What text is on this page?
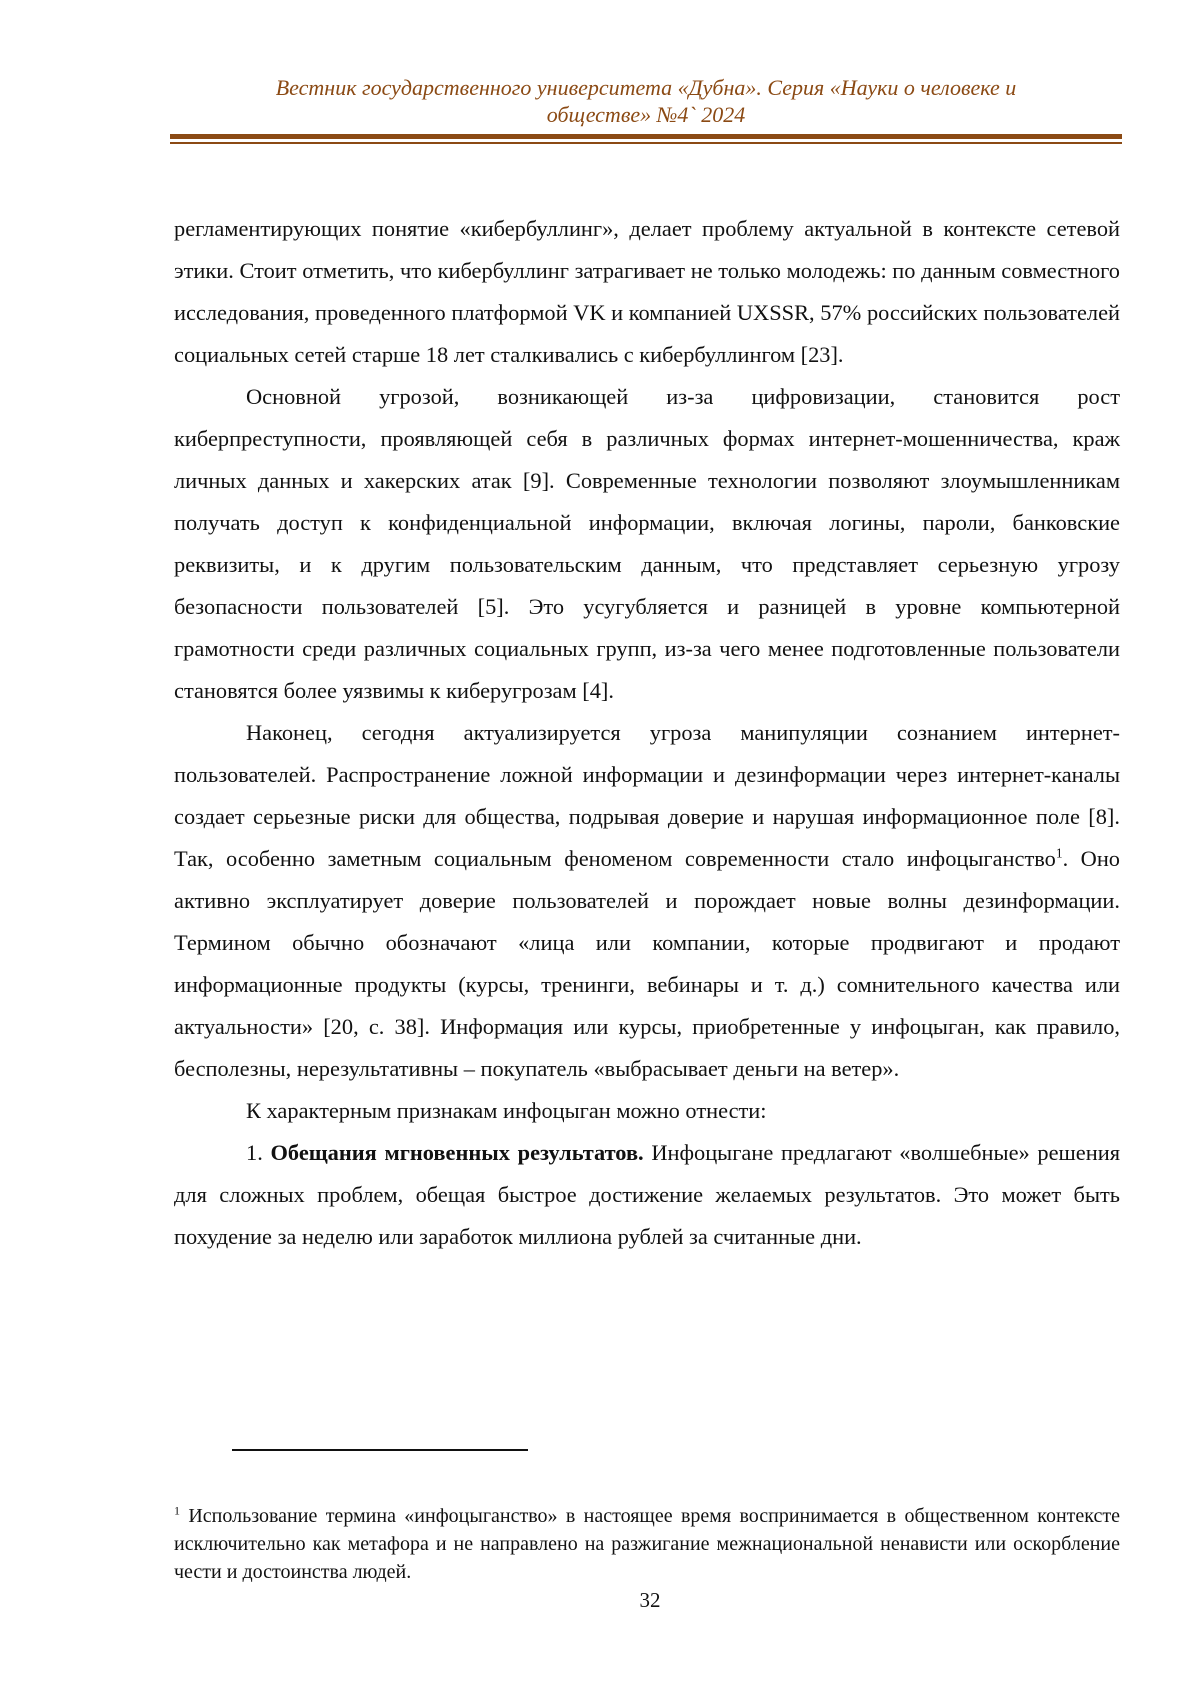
Вестник государственного университета «Дубна». Серия «Науки о человеке и
обществе» №4` 2024

регламентирующих понятие «кибербуллинг», делает проблему актуальной в контексте сетевой этики. Стоит отметить, что кибербуллинг затрагивает не только молодежь: по данным совместного исследования, проведенного платформой VK и компанией UXSSR, 57% российских пользователей социальных сетей старше 18 лет сталкивались с кибербуллингом [23].

Основной угрозой, возникающей из-за цифровизации, становится рост киберпреступности, проявляющей себя в различных формах интернет-мошенничества, краж личных данных и хакерских атак [9]. Современные технологии позволяют злоумышленникам получать доступ к конфиденциальной информации, включая логины, пароли, банковские реквизиты, и к другим пользовательским данным, что представляет серьезную угрозу безопасности пользователей [5]. Это усугубляется и разницей в уровне компьютерной грамотности среди различных социальных групп, из-за чего менее подготовленные пользователи становятся более уязвимы к киберугрозам [4].

Наконец, сегодня актуализируется угроза манипуляции сознанием интернет-пользователей. Распространение ложной информации и дезинформации через интернет-каналы создает серьезные риски для общества, подрывая доверие и нарушая информационное поле [8]. Так, особенно заметным социальным феноменом современности стало инфоцыганство$^1$. Оно активно эксплуатирует доверие пользователей и порождает новые волны дезинформации. Термином обычно обозначают «лица или компании, которые продвигают и продают информационные продукты (курсы, тренинги, вебинары и т. д.) сомнительного качества или актуальности» [20, с. 38]. Информация или курсы, приобретенные у инфоцыган, как правило, бесполезны, нерезультативны – покупатель «выбрасывает деньги на ветер».

К характерным признакам инфоцыган можно отнести:

1. Обещания мгновенных результатов. Инфоцыгане предлагают «волшебные» решения для сложных проблем, обещая быстрое достижение желаемых результатов. Это может быть похудение за неделю или заработок миллиона рублей за считанные дни.

$^1$ Использование термина «инфоцыганство» в настоящее время воспринимается в общественном контексте исключительно как метафора и не направлено на разжигание межнациональной ненависти или оскорбление чести и достоинства людей.
32
